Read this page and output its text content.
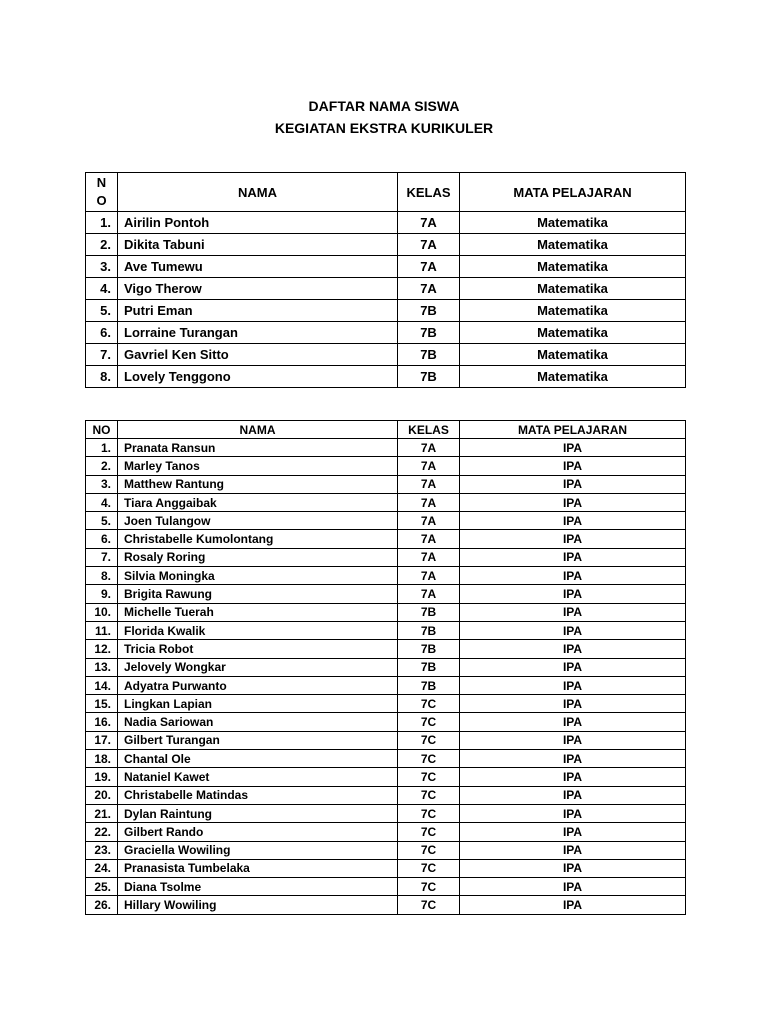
DAFTAR NAMA SISWA
KEGIATAN EKSTRA KURIKULER
N
O	NAMA	KELAS	MATA PELAJARAN
1.	Airilin Pontoh	7A	Matematika
2.	Dikita Tabuni	7A	Matematika
3.	Ave Tumewu	7A	Matematika
4.	Vigo Therow	7A	Matematika
5.	Putri Eman	7B	Matematika
6.	Lorraine Turangan	7B	Matematika
7.	Gavriel Ken Sitto	7B	Matematika
8.	Lovely Tenggono	7B	Matematika
NO	NAMA	KELAS	MATA PELAJARAN
1.	Pranata Ransun	7A	IPA
2.	Marley Tanos	7A	IPA
3.	Matthew Rantung	7A	IPA
4.	Tiara Anggaibak	7A	IPA
5.	Joen Tulangow	7A	IPA
6.	Christabelle Kumolontang	7A	IPA
7.	Rosaly Roring	7A	IPA
8.	Silvia Moningka	7A	IPA
9.	Brigita Rawung	7A	IPA
10.	Michelle Tuerah	7B	IPA
11.	Florida Kwalik	7B	IPA
12.	Tricia Robot	7B	IPA
13.	Jelovely Wongkar	7B	IPA
14.	Adyatra Purwanto	7B	IPA
15.	Lingkan Lapian	7C	IPA
16.	Nadia Sariowan	7C	IPA
17.	Gilbert Turangan	7C	IPA
18.	Chantal Ole	7C	IPA
19.	Nataniel Kawet	7C	IPA
20.	Christabelle Matindas	7C	IPA
21.	Dylan Raintung	7C	IPA
22.	Gilbert Rando	7C	IPA
23.	Graciella Wowiling	7C	IPA
24.	Pranasista Tumbelaka	7C	IPA
25.	Diana Tsolme	7C	IPA
26.	Hillary Wowiling	7C	IPA
